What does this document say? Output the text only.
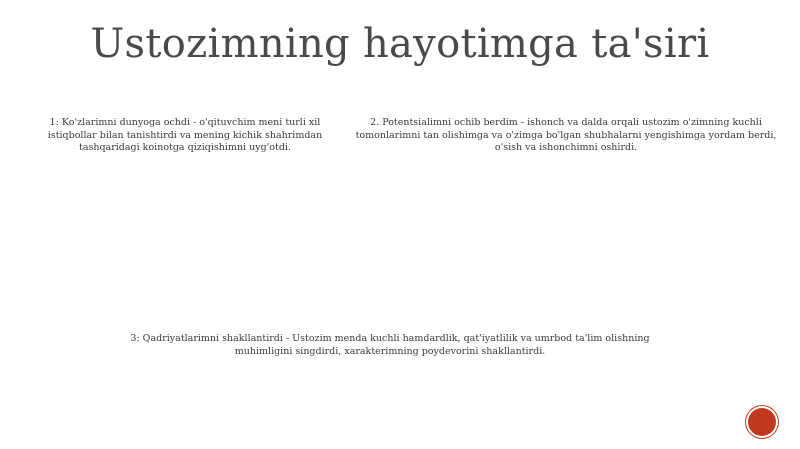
Ustozimning hayotimga ta'siri
1: Ko'zlarimni dunyoga ochdi - o'qituvchim meni turli xil istiqbollar bilan tanishtirdi va mening kichik shahrimdan tashqaridagi koinotga qiziqishimni uyg'otdi.
2. Potentsialimni ochib berdim - ishonch va dalda orqali ustozim o'zimning kuchli tomonlarimni tan olishimga va o'zimga bo'lgan shubhalarni yengishimga yordam berdi, o'sish va ishonchimni oshirdi.
3: Qadriyatlarimni shakllantirdi - Ustozim menda kuchli hamdardlik, qat'iyatlilik va umrbod ta'lim olishning muhimligini singdirdi, xarakterimning poydevorini shakllantirdi.
